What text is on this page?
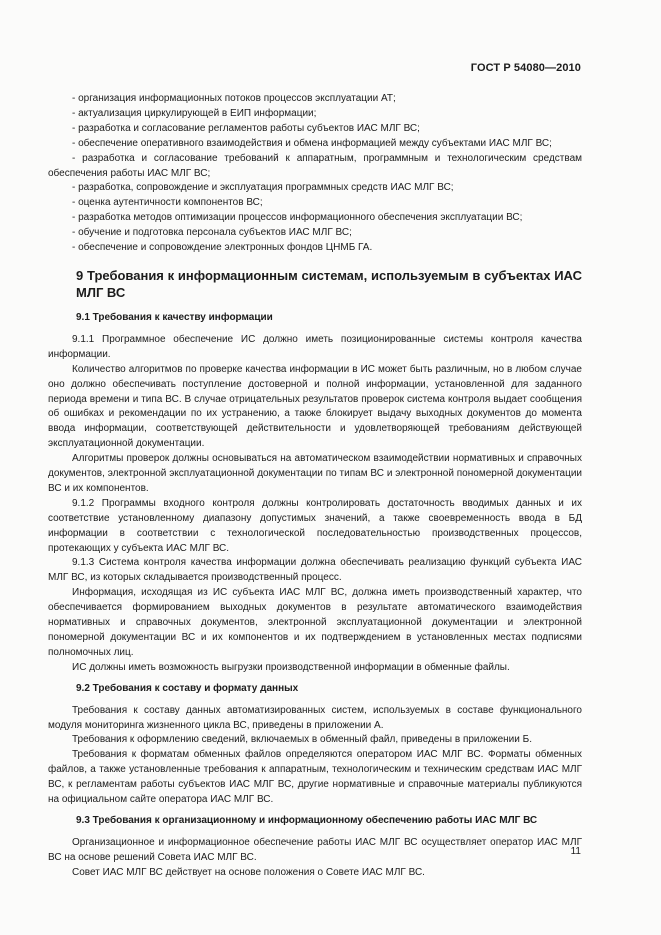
ГОСТ Р 54080—2010

- организация информационных потоков процессов эксплуатации АТ;

- актуализация циркулирующей в ЕИП информации;

- разработка и согласование регламентов работы субъектов ИАС МЛГ ВС;

- обеспечение оперативного взаимодействия и обмена информацией между субъектами ИАС МЛГ ВС;

- разработка и согласование требований к аппаратным, программным и технологическим средствам обеспечения работы ИАС МЛГ ВС;

- разработка, сопровождение и эксплуатация программных средств ИАС МЛГ ВС;

- оценка аутентичности компонентов ВС;

- разработка методов оптимизации процессов информационного обеспечения эксплуатации ВС;

- обучение и подготовка персонала субъектов ИАС МЛГ ВС;

- обеспечение и сопровождение электронных фондов ЦНМБ ГА.

9 Требования к информационным системам, используемым в субъектах ИАС МЛГ ВС

9.1 Требования к качеству информации

9.1.1 Программное обеспечение ИС должно иметь позиционированные системы контроля качества информации.

Количество алгоритмов по проверке качества информации в ИС может быть различным, но в любом случае оно должно обеспечивать поступление достоверной и полной информации, установленной для заданного периода времени и типа ВС. В случае отрицательных результатов проверок система контроля выдает сообщения об ошибках и рекомендации по их устранению, а также блокирует выдачу выходных документов до момента ввода информации, соответствующей действительности и удовлетворяющей требованиям действующей эксплуатационной документации.

Алгоритмы проверок должны основываться на автоматическом взаимодействии нормативных и справочных документов, электронной эксплуатационной документации по типам ВС и электронной пономерной документации ВС и их компонентов.

9.1.2 Программы входного контроля должны контролировать достаточность вводимых данных и их соответствие установленному диапазону допустимых значений, а также своевременность ввода в БД информации в соответствии с технологической последовательностью производственных процессов, протекающих у субъекта ИАС МЛГ ВС.

9.1.3 Система контроля качества информации должна обеспечивать реализацию функций субъекта ИАС МЛГ ВС, из которых складывается производственный процесс.

Информация, исходящая из ИС субъекта ИАС МЛГ ВС, должна иметь производственный характер, что обеспечивается формированием выходных документов в результате автоматического взаимодействия нормативных и справочных документов, электронной эксплуатационной документации и электронной пономерной документации ВС и их компонентов и их подтверждением в установленных местах подписями полномочных лиц.

ИС должны иметь возможность выгрузки производственной информации в обменные файлы.

9.2 Требования к составу и формату данных

Требования к составу данных автоматизированных систем, используемых в составе функционального модуля мониторинга жизненного цикла ВС, приведены в приложении А.

Требования к оформлению сведений, включаемых в обменный файл, приведены в приложении Б.

Требования к форматам обменных файлов определяются оператором ИАС МЛГ ВС. Форматы обменных файлов, а также установленные требования к аппаратным, технологическим и техническим средствам ИАС МЛГ ВС, к регламентам работы субъектов ИАС МЛГ ВС, другие нормативные и справочные материалы публикуются на официальном сайте оператора ИАС МЛГ ВС.

9.3 Требования к организационному и информационному обеспечению работы ИАС МЛГ ВС

Организационное и информационное обеспечение работы ИАС МЛГ ВС осуществляет оператор ИАС МЛГ ВС на основе решений Совета ИАС МЛГ ВС.

Совет ИАС МЛГ ВС действует на основе положения о Совете ИАС МЛГ ВС.

11
